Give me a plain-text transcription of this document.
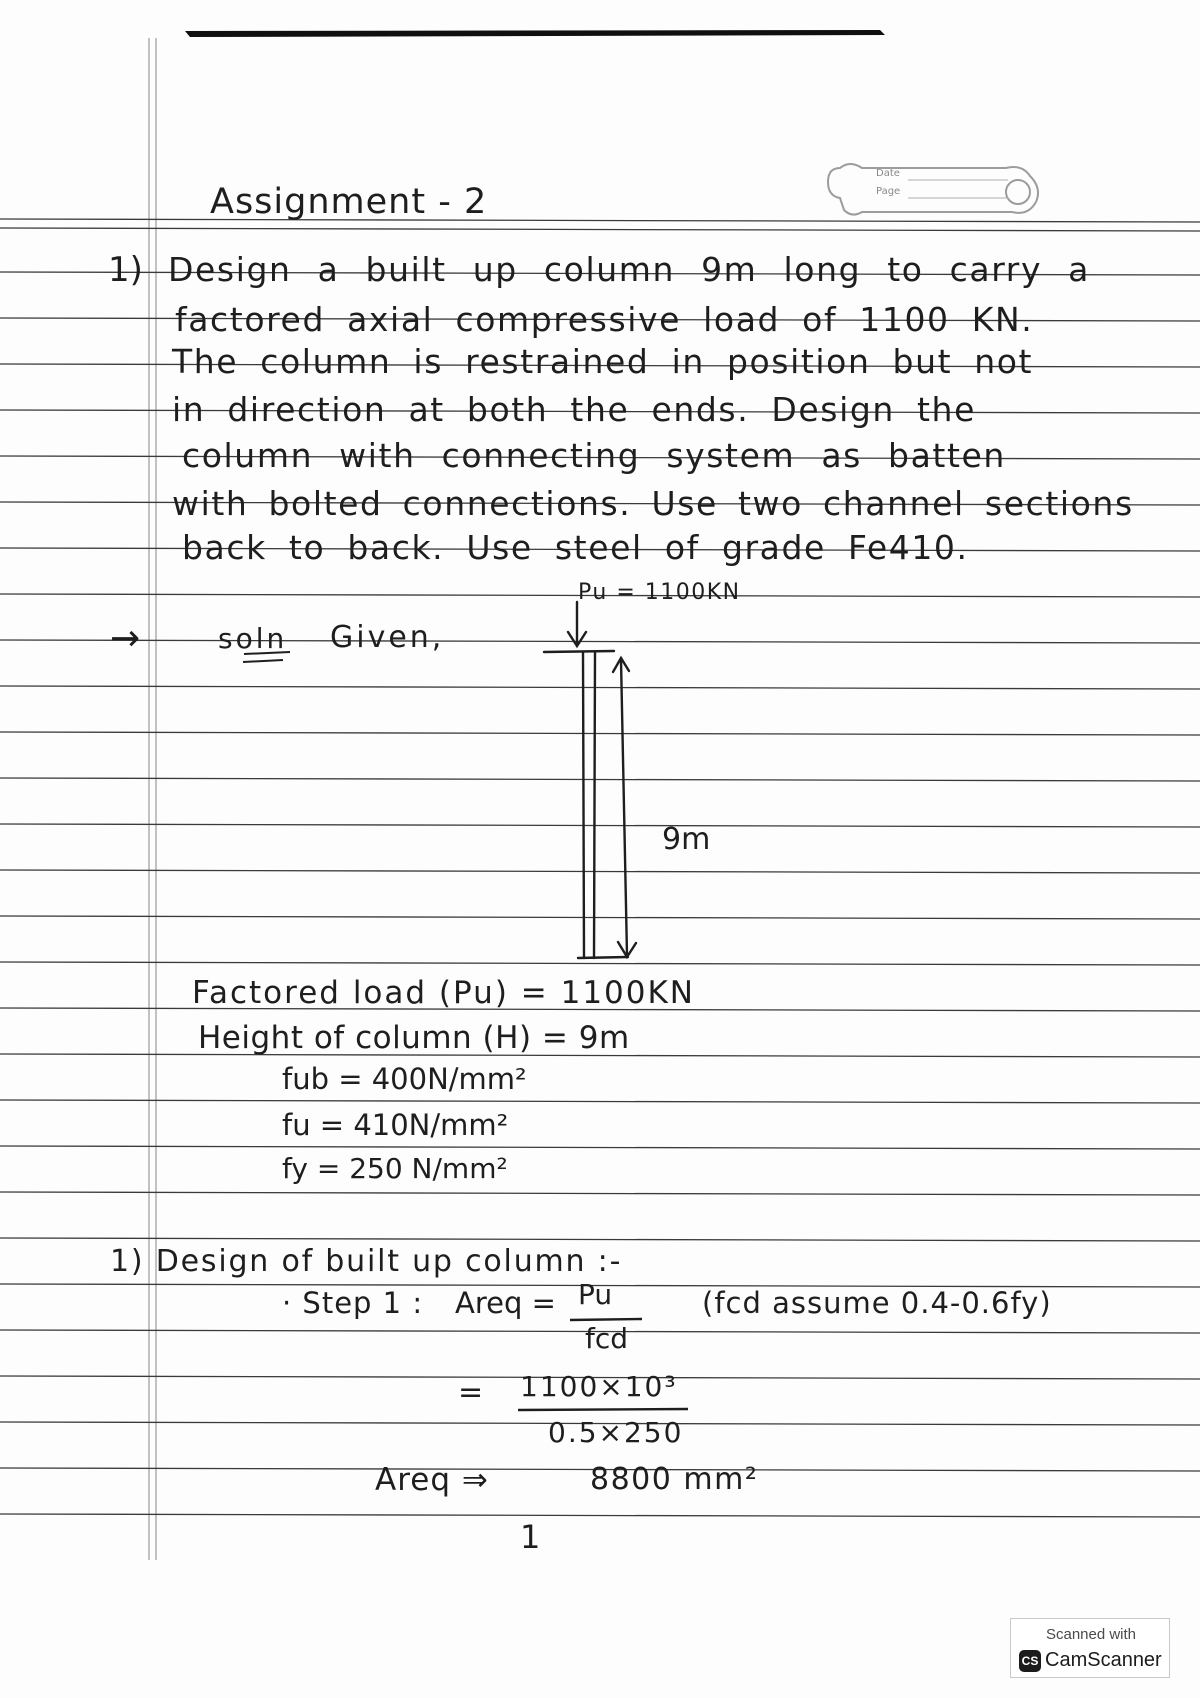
Date
Page
Assignment - 2
1) Design a built up column 9m long to carry a
factored axial compressive load of 1100 KN.
The column is restrained in position but not
in direction at both the ends. Design the
column with connecting system as batten
with bolted connections. Use two channel sections
back to back. Use steel of grade Fe410.
→	soln Given,
Pu = 1100KN
9m
Factored load (Pu) = 1100KN
Height of column (H) = 9m
fub = 400N/mm²
fu = 410N/mm²
fy = 250 N/mm²
1) Design of built up column :-
· Step 1 : Areq = Pu
fcd
(fcd assume 0.4-0.6fy)
= 1100×10³
0.5×250
Areq ⇒	8800 mm²
1
Scanned with
CS CamScanner
